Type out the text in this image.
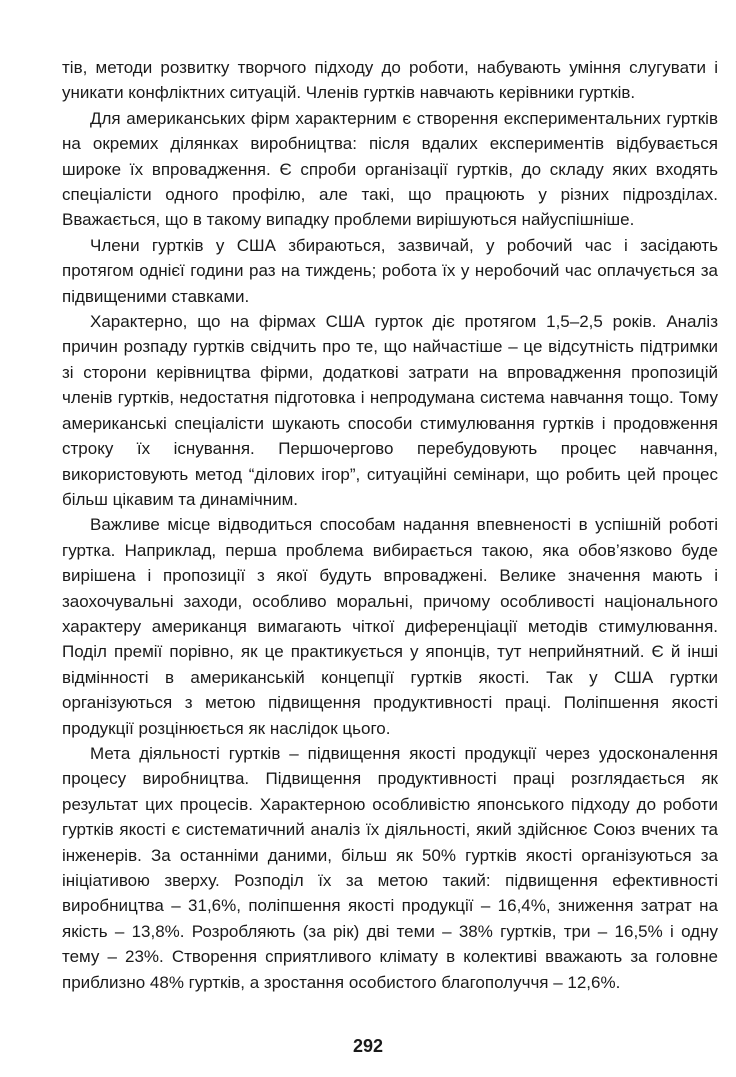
тів, методи розвитку творчого підходу до роботи, набувають уміння слугувати і уникати конфліктних ситуацій. Членів гуртків навчають керівники гуртків.

Для американських фірм характерним є створення експериментальних гуртків на окремих ділянках виробництва: після вдалих експериментів відбувається широке їх впровадження. Є спроби організації гуртків, до складу яких входять спеціалісти одного профілю, але такі, що працюють у різних підрозділах. Вважається, що в такому випадку проблеми вирішуються найуспішніше.

Члени гуртків у США збираються, зазвичай, у робочий час і засідають протягом однієї години раз на тиждень; робота їх у неробочий час оплачується за підвищеними ставками.

Характерно, що на фірмах США гурток діє протягом 1,5–2,5 років. Аналіз причин розпаду гуртків свідчить про те, що найчастіше – це відсутність підтримки зі сторони керівництва фірми, додаткові затрати на впровадження пропозицій членів гуртків, недостатня підготовка і непродумана система навчання тощо. Тому американські спеціалісти шукають способи стимулювання гуртків і продовження строку їх існування. Першочергово перебудовують процес навчання, використовують метод “ділових ігор”, ситуаційні семінари, що робить цей процес більш цікавим та динамічним.

Важливе місце відводиться способам надання впевненості в успішній роботі гуртка. Наприклад, перша проблема вибирається такою, яка обов’язково буде вирішена і пропозиції з якої будуть впроваджені. Велике значення мають і заохочувальні заходи, особливо моральні, причому особливості національного характеру американця вимагають чіткої диференціації методів стимулювання. Поділ премії порівно, як це практикується у японців, тут неприйнятний. Є й інші відмінності в американській концепції гуртків якості. Так у США гуртки організуються з метою підвищення продуктивності праці. Поліпшення якості продукції розцінюється як наслідок цього.

Мета діяльності гуртків – підвищення якості продукції через удосконалення процесу виробництва. Підвищення продуктивності праці розглядається як результат цих процесів. Характерною особливістю японського підходу до роботи гуртків якості є систематичний аналіз їх діяльності, який здійснює Союз вчених та інженерів. За останніми даними, більш як 50% гуртків якості організуються за ініціативою зверху. Розподіл їх за метою такий: підвищення ефективності виробництва – 31,6%, поліпшення якості продукції – 16,4%, зниження затрат на якість – 13,8%. Розробляють (за рік) дві теми – 38% гуртків, три – 16,5% і одну тему – 23%. Створення сприятливого клімату в колективі вважають за головне приблизно 48% гуртків, а зростання особистого благополуччя – 12,6%.

292
